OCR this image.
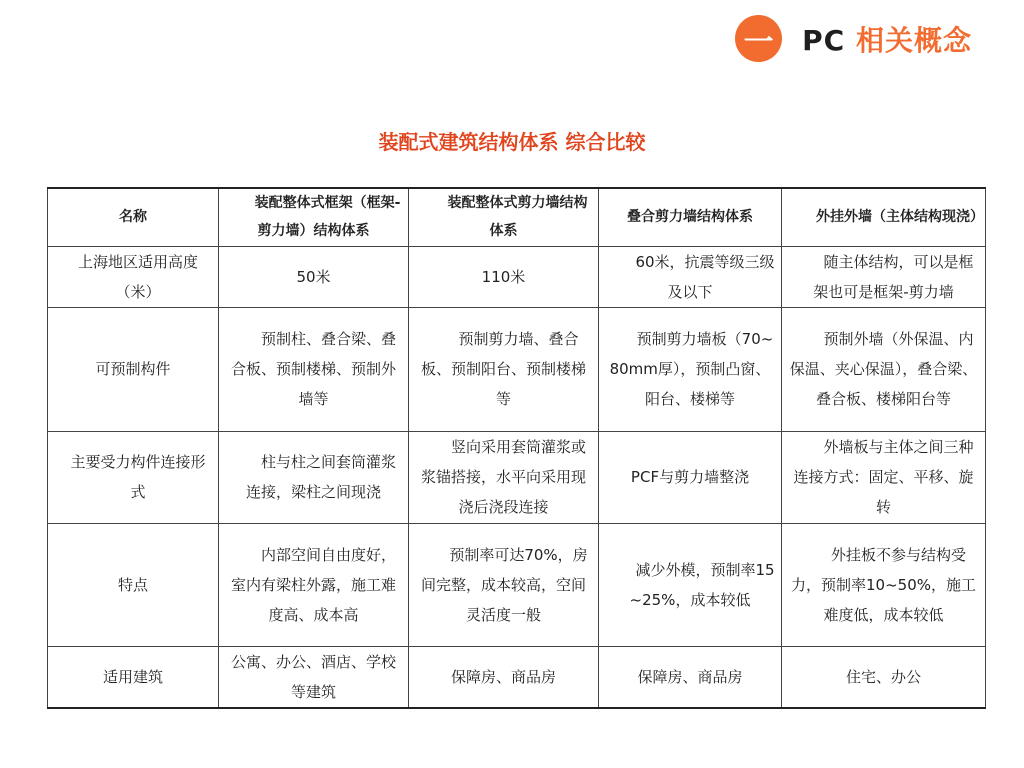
一	PC 相关概念
装配式建筑结构体系 综合比较
名称	装配整体式框架（框架-剪力墙）结构体系	装配整体式剪力墙结构体系	叠合剪力墙结构体系	外挂外墙（主体结构现浇）
上海地区适用高度（米）	50米	110米	60米，抗震等级三级及以下	随主体结构，可以是框架也可是框架-剪力墙
可预制构件	预制柱、叠合梁、叠合板、预制楼梯、预制外墙等	预制剪力墙、叠合板、预制阳台、预制楼梯等	预制剪力墙板（70~80mm厚），预制凸窗、阳台、楼梯等	预制外墙（外保温、内保温、夹心保温），叠合梁、叠合板、楼梯阳台等
主要受力构件连接形式	柱与柱之间套筒灌浆连接，梁柱之间现浇	竖向采用套筒灌浆或浆锚搭接，水平向采用现浇后浇段连接	PCF与剪力墙整浇	外墙板与主体之间三种连接方式：固定、平移、旋转
特点	内部空间自由度好，室内有梁柱外露，施工难度高、成本高	预制率可达70%，房间完整，成本较高，空间灵活度一般	减少外模，预制率15~25%，成本较低	外挂板不参与结构受力，预制率10~50%，施工难度低，成本较低
适用建筑	公寓、办公、酒店、学校等建筑	保障房、商品房	保障房、商品房	住宅、办公
